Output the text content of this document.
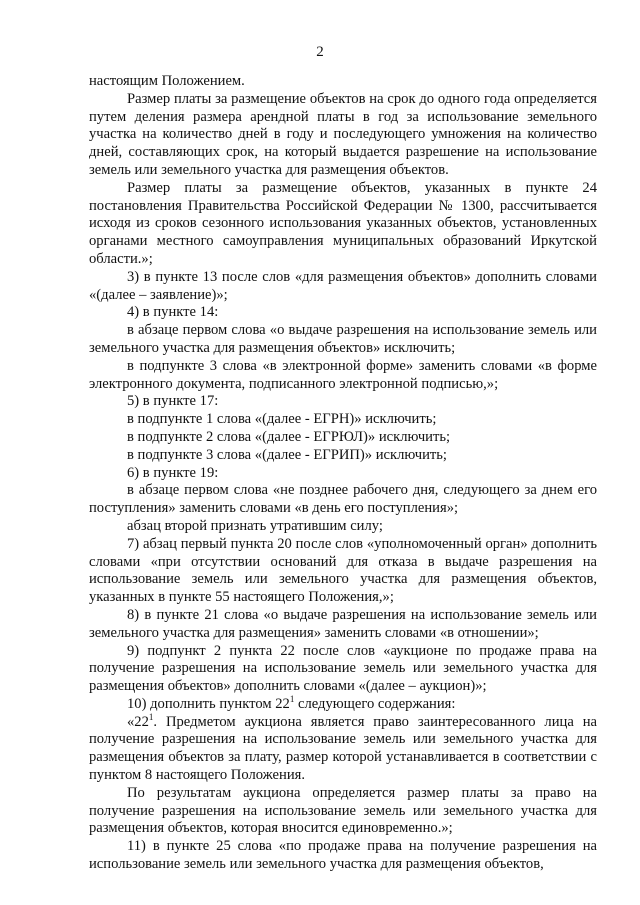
2

настоящим Положением.

Размер платы за размещение объектов на срок до одного года определяется путем деления размера арендной платы в год за использование земельного участка на количество дней в году и последующего умножения на количество дней, составляющих срок, на который выдается разрешение на использование земель или земельного участка для размещения объектов.

Размер платы за размещение объектов, указанных в пункте 24 постановления Правительства Российской Федерации № 1300, рассчитывается исходя из сроков сезонного использования указанных объектов, установленных органами местного самоуправления муниципальных образований Иркутской области.»;

3) в пункте 13 после слов «для размещения объектов» дополнить словами «(далее – заявление)»;

4) в пункте 14:

в абзаце первом слова «о выдаче разрешения на использование земель или земельного участка для размещения объектов» исключить;

в подпункте 3 слова «в электронной форме» заменить словами «в форме электронного документа, подписанного электронной подписью,»;

5) в пункте 17:

в подпункте 1 слова «(далее - ЕГРН)» исключить;

в подпункте 2 слова «(далее - ЕГРЮЛ)» исключить;

в подпункте 3 слова «(далее - ЕГРИП)» исключить;

6) в пункте 19:

в абзаце первом слова «не позднее рабочего дня, следующего за днем его поступления» заменить словами «в день его поступления»;

абзац второй признать утратившим силу;

7) абзац первый пункта 20 после слов «уполномоченный орган» дополнить словами «при отсутствии оснований для отказа в выдаче разрешения на использование земель или земельного участка для размещения объектов, указанных в пункте 55 настоящего Положения,»;

8) в пункте 21 слова «о выдаче разрешения на использование земель или земельного участка для размещения» заменить словами «в отношении»;

9) подпункт 2 пункта 22 после слов «аукционе по продаже права на получение разрешения на использование земель или земельного участка для размещения объектов» дополнить словами «(далее – аукцион)»;

10) дополнить пунктом $22^1$ следующего содержания:

«$22^1$. Предметом аукциона является право заинтересованного лица на получение разрешения на использование земель или земельного участка для размещения объектов за плату, размер которой устанавливается в соответствии с пунктом 8 настоящего Положения.

По результатам аукциона определяется размер платы за право на получение разрешения на использование земель или земельного участка для размещения объектов, которая вносится единовременно.»;

11) в пункте 25 слова «по продаже права на получение разрешения на использование земель или земельного участка для размещения объектов,
